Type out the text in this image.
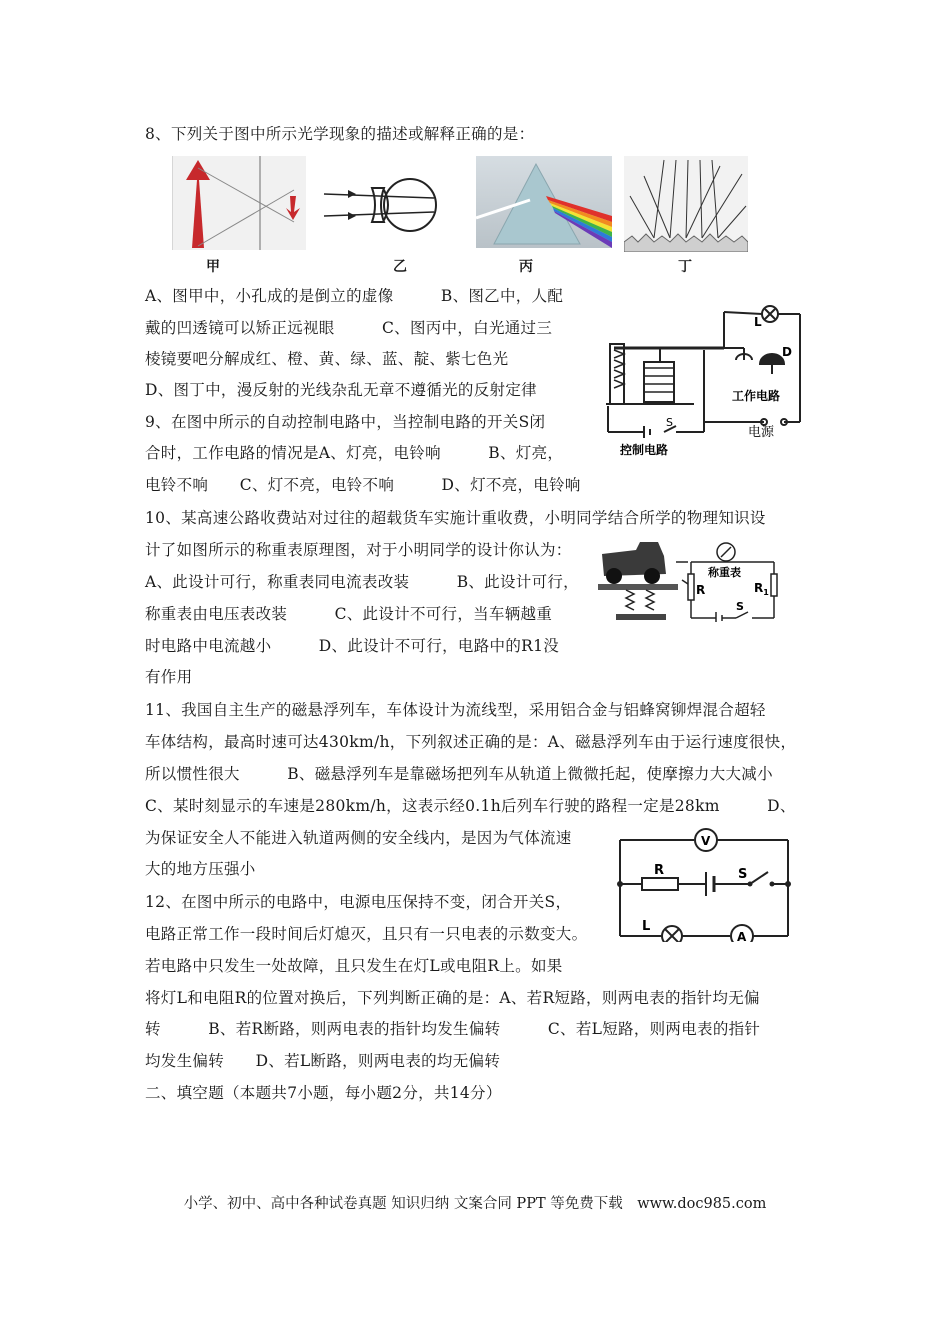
8、下列关于图中所示光学现象的描述或解释正确的是：
甲	乙	丙	丁
A、图甲中，小孔成的是倒立的虚像　　　B、图乙中，人配
戴的凹透镜可以矫正远视眼　　　C、图丙中，白光通过三
棱镜要吧分解成红、橙、黄、绿、蓝、靛、紫七色光
D、图丁中，漫反射的光线杂乱无章不遵循光的反射定律
L
D
工作电路
电源
S
控制电路
9、在图中所示的自动控制电路中，当控制电路的开关S闭
合时，工作电路的情况是A、灯亮，电铃响　　　B、灯亮，
电铃不响　　C、灯不亮，电铃不响　　　D、灯不亮，电铃响
10、某高速公路收费站对过往的超载货车实施计重收费，小明同学结合所学的物理知识设
计了如图所示的称重表原理图，对于小明同学的设计你认为：
称重表
R	$R_1$
S
A、此设计可行，称重表同电流表改装　　　B、此设计可行，
称重表由电压表改装　　　C、此设计不可行，当车辆越重
时电路中电流越小　　　D、此设计不可行，电路中的R1没
有作用
11、我国自主生产的磁悬浮列车，车体设计为流线型，采用铝合金与铝蜂窝铆焊混合超轻
车体结构，最高时速可达430km/h，下列叙述正确的是：A、磁悬浮列车由于运行速度很快，
所以惯性很大　　　B、磁悬浮列车是靠磁场把列车从轨道上微微托起，使摩擦力大大减小
C、某时刻显示的车速是280km/h，这表示经0.1h后列车行驶的路程一定是28km　　　D、
为保证安全人不能进入轨道两侧的安全线内，是因为气体流速
大的地方压强小
V
R	S
L
A
12、在图中所示的电路中，电源电压保持不变，闭合开关S，
电路正常工作一段时间后灯熄灭，且只有一只电表的示数变大。
若电路中只发生一处故障，且只发生在灯L或电阻R上。如果
将灯L和电阻R的位置对换后，下列判断正确的是：A、若R短路，则两电表的指针均无偏
转　　　B、若R断路，则两电表的指针均发生偏转　　　C、若L短路，则两电表的指针
均发生偏转　　D、若L断路，则两电表的均无偏转
二、填空题（本题共7小题，每小题2分，共14分）
小学、初中、高中各种试卷真题 知识归纳 文案合同 PPT 等免费下载　www.doc985.com
